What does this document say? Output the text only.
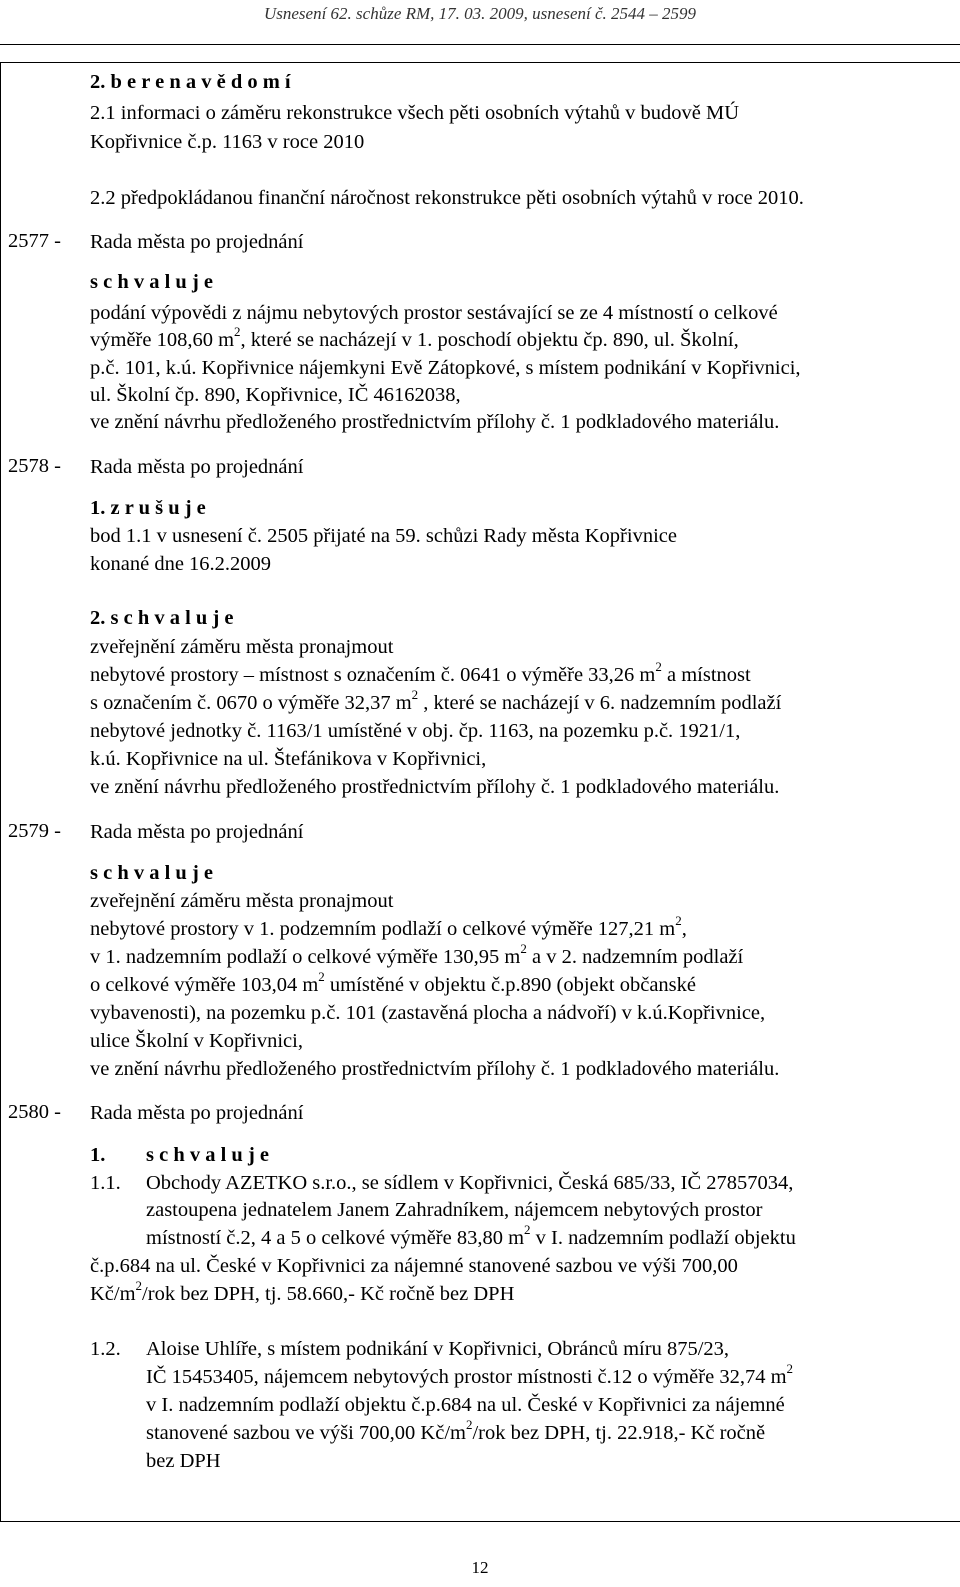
Usnesení 62. schůze RM, 17. 03. 2009, usnesení č. 2544 – 2599
2. b e r e n a v ě d o m í
2.1 informaci o záměru rekonstrukce všech pěti osobních výtahů v budově MÚ
Kopřivnice č.p. 1163 v roce 2010
2.2 předpokládanou finanční náročnost rekonstrukce pěti osobních výtahů v roce 2010.
2577 - Rada města po projednání
s c h v a l u j e
podání výpovědi z nájmu nebytových prostor sestávající se ze 4 místností o celkové
výměře 108,60 $m^2$, které se nacházejí v 1. poschodí objektu čp. 890, ul. Školní,
p.č. 101, k.ú. Kopřivnice nájemkyni Evě Zátopkové, s místem podnikání v Kopřivnici,
ul. Školní čp. 890, Kopřivnice, IČ 46162038,
ve znění návrhu předloženého prostřednictvím přílohy č. 1 podkladového materiálu.
2578 - Rada města po projednání
1. z r u š u j e
bod 1.1 v usnesení č. 2505 přijaté na 59. schůzi Rady města Kopřivnice
konané dne 16.2.2009
2. s c h v a l u j e
zveřejnění záměru města pronajmout
nebytové prostory – místnost s označením č. 0641 o výměře 33,26 $m^2$ a místnost
s označením č. 0670 o výměře 32,37 $m^2$ , které se nacházejí v 6. nadzemním podlaží
nebytové jednotky č. 1163/1 umístěné v obj. čp. 1163, na pozemku p.č. 1921/1,
k.ú. Kopřivnice na ul. Štefánikova v Kopřivnici,
ve znění návrhu předloženého prostřednictvím přílohy č. 1 podkladového materiálu.
2579 - Rada města po projednání
s c h v a l u j e
zveřejnění záměru města pronajmout
nebytové prostory v 1. podzemním podlaží o celkové výměře 127,21 $m^2$,
v 1. nadzemním podlaží o celkové výměře 130,95 $m^2$ a v 2. nadzemním podlaží
o celkové výměře 103,04 $m^2$ umístěné v objektu č.p.890 (objekt občanské
vybavenosti), na pozemku p.č. 101 (zastavěná plocha a nádvoří) v k.ú.Kopřivnice,
ulice Školní v Kopřivnici,
ve znění návrhu předloženého prostřednictvím přílohy č. 1 podkladového materiálu.
2580 - Rada města po projednání
1. s c h v a l u j e
1.1. Obchody AZETKO s.r.o., se sídlem v Kopřivnici, Česká 685/33, IČ 27857034,
zastoupena jednatelem Janem Zahradníkem, nájemcem nebytových prostor
místností č.2, 4 a 5 o celkové výměře 83,80 $m^2$ v I. nadzemním podlaží objektu
č.p.684 na ul. České v Kopřivnici za nájemné stanovené sazbou ve výši 700,00
$Kč/m^2$/rok bez DPH, tj. 58.660,- Kč ročně bez DPH
1.2. Aloise Uhlíře, s místem podnikání v Kopřivnici, Obránců míru 875/23,
IČ 15453405, nájemcem nebytových prostor místnosti č.12 o výměře 32,74 $m^2$
v I. nadzemním podlaží objektu č.p.684 na ul. České v Kopřivnici za nájemné
stanovené sazbou ve výši 700,00 $Kč/m^2$/rok bez DPH, tj. 22.918,- Kč ročně
bez DPH
12
